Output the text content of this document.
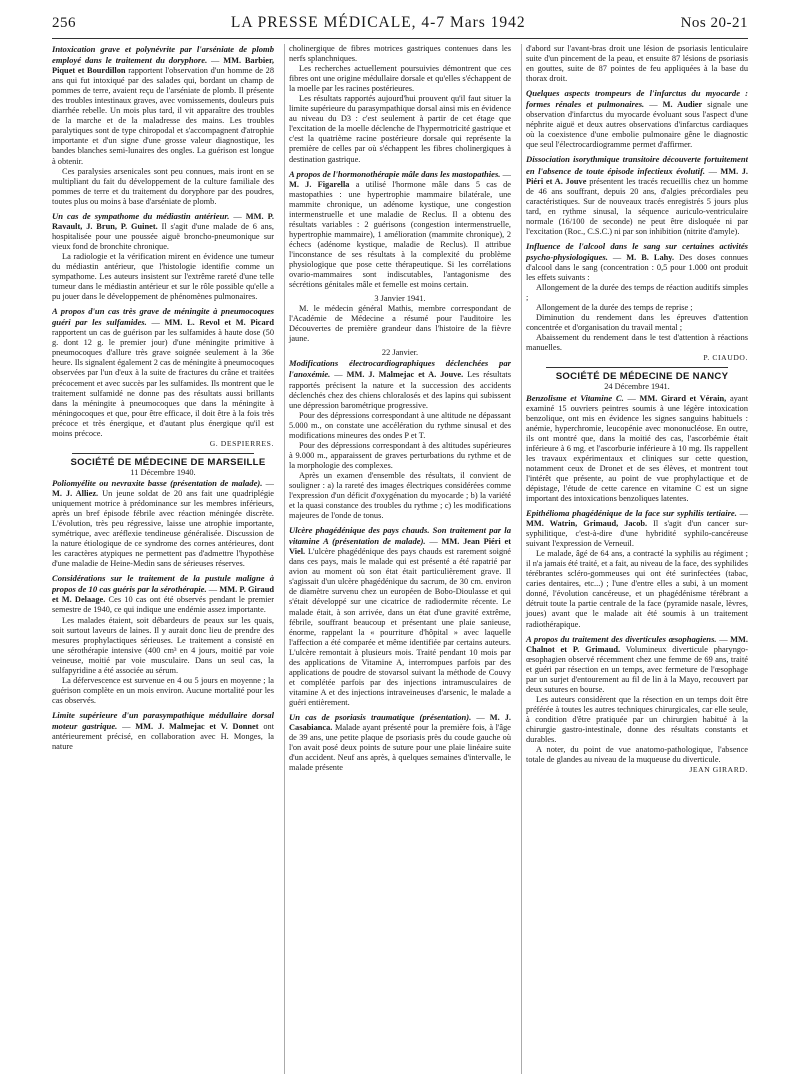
256	LA PRESSE MÉDICALE, 4-7 Mars 1942	Nos 20-21

Intoxication grave et polynévrite par l'arséniate de plomb employé dans le traitement du doryphore. — MM. Barbier, Piquet et Bourdillon rapportent l'observation d'un homme de 28 ans qui fut intoxiqué par des salades qui, bordant un champ de pommes de terre, avaient reçu de l'arséniate de plomb. Il présente des troubles intestinaux graves, avec vomissements, douleurs puis diarrhée rebelle. Un mois plus tard, il vit apparaître des troubles de la marche et de la maladresse des mains. Les troubles paralytiques sont de type chiropodal et s'accompagnent d'atrophie importante et d'un signe d'une grosse valeur diagnostique, les bandes blanches semi-lunaires des ongles. La guérison est longue à obtenir.

Ces paralysies arsenicales sont peu connues, mais iront en se multipliant du fait du développement de la culture familiale des pommes de terre et du traitement du doryphore par des poudres, toutes plus ou moins à base d'arséniate de plomb.

Un cas de sympathome du médiastin antérieur. — MM. P. Ravault, J. Brun, P. Guinet. Il s'agit d'une malade de 6 ans, hospitalisée pour une poussée aiguë broncho-pneumonique sur vieux fond de bronchite chronique.

La radiologie et la vérification mirent en évidence une tumeur du médiastin antérieur, que l'histologie identifie comme un sympathome. Les auteurs insistent sur l'extrême rareté d'une telle tumeur dans le médiastin antérieur et sur le rôle possible qu'elle a pu jouer dans le développement de phénomènes pulmonaires.

A propos d'un cas très grave de méningite à pneumocoques guéri par les sulfamides. — MM. L. Revol et M. Picard rapportent un cas de guérison par les sulfamides à haute dose (50 g. dont 12 g. le premier jour) d'une méningite primitive à pneumocoques d'allure très grave soignée seulement à la 36e heure. Ils signalent également 2 cas de méningite à pneumocoques observées par l'un d'eux à la suite de fractures du crâne et traitées précocement et avec succès par les sulfamides. Ils montrent que le traitement sulfamidé ne donne pas des résultats aussi brillants dans la méningite à pneumocoques que dans la méningite à méningocoques et que, pour être efficace, il doit être à la fois très précoce et très énergique, et d'autant plus énergique qu'il est moins précoce.

G. DESPIERRES.

SOCIÉTÉ DE MÉDECINE DE MARSEILLE

11 Décembre 1940.

Poliomyélite ou nevraxite basse (présentation de malade). — M. J. Alliez. Un jeune soldat de 20 ans fait une quadriplégie uniquement motrice à prédominance sur les membres inférieurs, après un bref épisode fébrile avec réaction méningée discrète. L'évolution, très peu régressive, laisse une atrophie importante, symétrique, avec aréflexie tendineuse généralisée. Discussion de la nature étiologique de ce syndrome des cornes antérieures, dont les caractères atypiques ne permettent pas d'admettre l'hypothèse d'une maladie de Heine-Medin sans de sérieuses réserves.

Considérations sur le traitement de la pustule maligne à propos de 10 cas guéris par la sérothérapie. — MM. P. Giraud et M. Delaage. Ces 10 cas ont été observés pendant le premier semestre de 1940, ce qui indique une endémie assez importante.

Les malades étaient, soit débardeurs de peaux sur les quais, soit surtout laveurs de laines. Il y aurait donc lieu de prendre des mesures prophylactiques sérieuses. Le traitement a consisté en une sérothérapie intensive (400 cm³ en 4 jours, moitié par voie veineuse, moitié par voie musculaire. Dans un seul cas, la sulfapyridine a été associée au sérum.

La défervescence est survenue en 4 ou 5 jours en moyenne ; la guérison complète en un mois environ. Aucune mortalité pour les cas observés.

Limite supérieure d'un parasympathique médullaire dorsal moteur gastrique. — MM. J. Malmejac et V. Donnet ont antérieurement précisé, en collaboration avec H. Monges, la nature

cholinergique de fibres motrices gastriques contenues dans les nerfs splanchniques.

Les recherches actuellement poursuivies démontrent que ces fibres ont une origine médullaire dorsale et qu'elles s'échappent de la moelle par les racines postérieures.

Les résultats rapportés aujourd'hui prouvent qu'il faut situer la limite supérieure du parasympathique dorsal ainsi mis en évidence au niveau du D3 : c'est seulement à partir de cet étage que l'excitation de la moelle déclenche de l'hypermotricité gastrique et c'est la quatrième racine postérieure dorsale qui représente la première de celles par où s'échappent les fibres cholinergiques à destination gastrique.

A propos de l'hormonothérapie mâle dans les mastopathies. — M. J. Figarella a utilisé l'hormone mâle dans 5 cas de mastopathies : une hypertrophie mammaire bilatérale, une mammite chronique, un adénome kystique, une congestion intermenstruelle et une maladie de Reclus. Il a obtenu des résultats variables : 2 guérisons (congestion intermenstruelle, hypertrophie mammaire), 1 amélioration (mammite chronique), 2 échecs (adénome kystique, maladie de Reclus). Il attribue l'inconstance de ses résultats à la complexité du problème physiologique que pose cette thérapeutique. Si les corrélations ovario-mammaires sont indiscutables, l'antagonisme des sécrétions génitales mâle et femelle est moins certain.

3 Janvier 1941.

M. le médecin général Mathis, membre correspondant de l'Académie de Médecine a résumé pour l'auditoire les Découvertes de première grandeur dans l'histoire de la fièvre jaune.

22 Janvier.

Modifications électrocardiographiques déclenchées par l'anoxémie. — MM. J. Malmejac et A. Jouve. Les résultats rapportés précisent la nature et la succession des accidents déclenchés chez des chiens chloralosés et des lapins qui subissent une dépression barométrique progressive.

Pour des dépressions correspondant à une altitude ne dépassant 5.000 m., on constate une accélération du rythme sinusal et des modifications mineures des ondes P et T.

Pour des dépressions correspondant à des altitudes supérieures à 9.000 m., apparaissent de graves perturbations du rythme et de la morphologie des complexes.

Après un examen d'ensemble des résultats, il convient de souligner : a) la rareté des images électriques considérées comme l'expression d'un déficit d'oxygénation du myocarde ; b) la variété et la quasi constance des troubles du rythme ; c) les modifications majeures de l'onde de tonus.

Ulcère phagédénique des pays chauds. Son traitement par la vitamine A (présentation de malade). — MM. Jean Piéri et Viel. L'ulcère phagédénique des pays chauds est rarement soigné dans ces pays, mais le malade qui est présenté a été rapatrié par avion au moment où son état était particulièrement grave. Il s'agissait d'un ulcère phagédénique du sacrum, de 30 cm. environ de diamètre survenu chez un européen de Bobo-Dioulasse et qui s'était développé sur une cicatrice de radiodermite récente. Le malade était, à son arrivée, dans un état d'une gravité extrême, fébrile, souffrant beaucoup et présentant une plaie sanieuse, énorme, rappelant la « pourriture d'hôpital » avec laquelle l'affection a été comparée et même identifiée par certains auteurs. L'ulcère remontait à plusieurs mois. Traité pendant 10 mois par des applications de Vitamine A, interrompues parfois par des applications de poudre de stovarsol suivant la méthode de Couvy et complétée parfois par des injections intramusculaires de vitamine A et des injections intraveineuses d'arsenic, le malade a guéri entièrement.

Un cas de psoriasis traumatique (présentation). — M. J. Casabianca. Malade ayant présenté pour la première fois, à l'âge de 39 ans, une petite plaque de psoriasis près du coude gauche où l'on avait posé deux points de suture pour une plaie linéaire suite d'un accident. Neuf ans après, à quelques semaines d'intervalle, le malade présente

d'abord sur l'avant-bras droit une lésion de psoriasis lenticulaire suite d'un pincement de la peau, et ensuite 87 lésions de psoriasis en gouttes, suite de 87 pointes de feu appliquées à la base du thorax droit.

Quelques aspects trompeurs de l'infarctus du myocarde : formes rénales et pulmonaires. — M. Audier signale une observation d'infarctus du myocarde évoluant sous l'aspect d'une néphrite aiguë et deux autres observations d'infarctus cardiaques où la coexistence d'une embolie pulmonaire gêne le diagnostic que seul l'électrocardiogramme permet d'affirmer.

Dissociation isorythmique transitoire découverte fortuitement en l'absence de toute épisode infectieux évolutif. — MM. J. Piéri et A. Jouve présentent les tracés recueillis chez un homme de 46 ans souffrant, depuis 20 ans, d'algies précordiales peu caractéristiques. Sur de nouveaux tracés enregistrés 5 jours plus tard, en rythme sinusal, la séquence auriculo-ventriculaire normale (16/100 de seconde) ne peut être disloquée ni par l'excitation (Roc., C.S.C.) ni par son inhibition (nitrite d'amyle).

Influence de l'alcool dans le sang sur certaines activités psycho-physiologiques. — M. B. Lahy. Des doses connues d'alcool dans le sang (concentration : 0,5 pour 1.000 ont produit les effets suivants :

Allongement de la durée des temps de réaction auditifs simples ;

Allongement de la durée des temps de reprise ;

Diminution du rendement dans les épreuves d'attention concentrée et d'organisation du travail mental ;

Abaissement du rendement dans le test d'attention à réactions manuelles.

P. CIAUDO.

SOCIÉTÉ DE MÉDECINE DE NANCY

24 Décembre 1941.

Benzolisme et Vitamine C. — MM. Girard et Vérain, ayant examiné 15 ouvriers peintres soumis à une légère intoxication benzolique, ont mis en évidence les signes sanguins habituels : anémie, hyperchromie, leucopénie avec mononucléose. En outre, ils ont montré que, dans la moitié des cas, l'ascorbémie était inférieure à 6 mg. et l'ascorburie inférieure à 10 mg. Ils rappellent les travaux expérimentaux et cliniques sur cette question, notamment ceux de Dronet et de ses élèves, et montrent tout l'intérêt que présente, au point de vue prophylactique et de dépistage, l'étude de cette carence en vitamine C est un signe important des intoxications benzoliques latentes.

Epithélioma phagédénique de la face sur syphilis tertiaire. — MM. Watrin, Grimaud, Jacob. Il s'agit d'un cancer sur-syphilitique, c'est-à-dire d'une hybridité syphilo-cancéreuse suivant l'expression de Verneuil.

Le malade, âgé de 64 ans, a contracté la syphilis au régiment ; il n'a jamais été traité, et a fait, au niveau de la face, des syphilides térébrantes scléro-gommeuses qui ont été surinfectées (tabac, caries dentaires, etc...) ; l'une d'entre elles a subi, à un moment donné, l'évolution cancéreuse, et un phagédénisme térébrant a détruit toute la partie centrale de la face (pyramide nasale, lèvres, joues) avant que le malade ait été soumis à un traitement radiothérapique.

A propos du traitement des diverticules œsophagiens. — MM. Chalnot et P. Grimaud. Volumineux diverticule pharyngo-œsophagien observé récemment chez une femme de 69 ans, traité et guéri par résection en un temps, avec fermeture de l'œsophage par un surjet d'entourement au fil de lin à la Mayo, recouvert par deux sutures en bourse.

Les auteurs considèrent que la résection en un temps doit être préférée à toutes les autres techniques chirurgicales, car elle seule, à condition d'être pratiquée par un chirurgien habitué à la chirurgie gastro-intestinale, donne des résultats constants et durables.

A noter, du point de vue anatomo-pathologique, l'absence totale de glandes au niveau de la muqueuse du diverticule.

JEAN GIRARD.
